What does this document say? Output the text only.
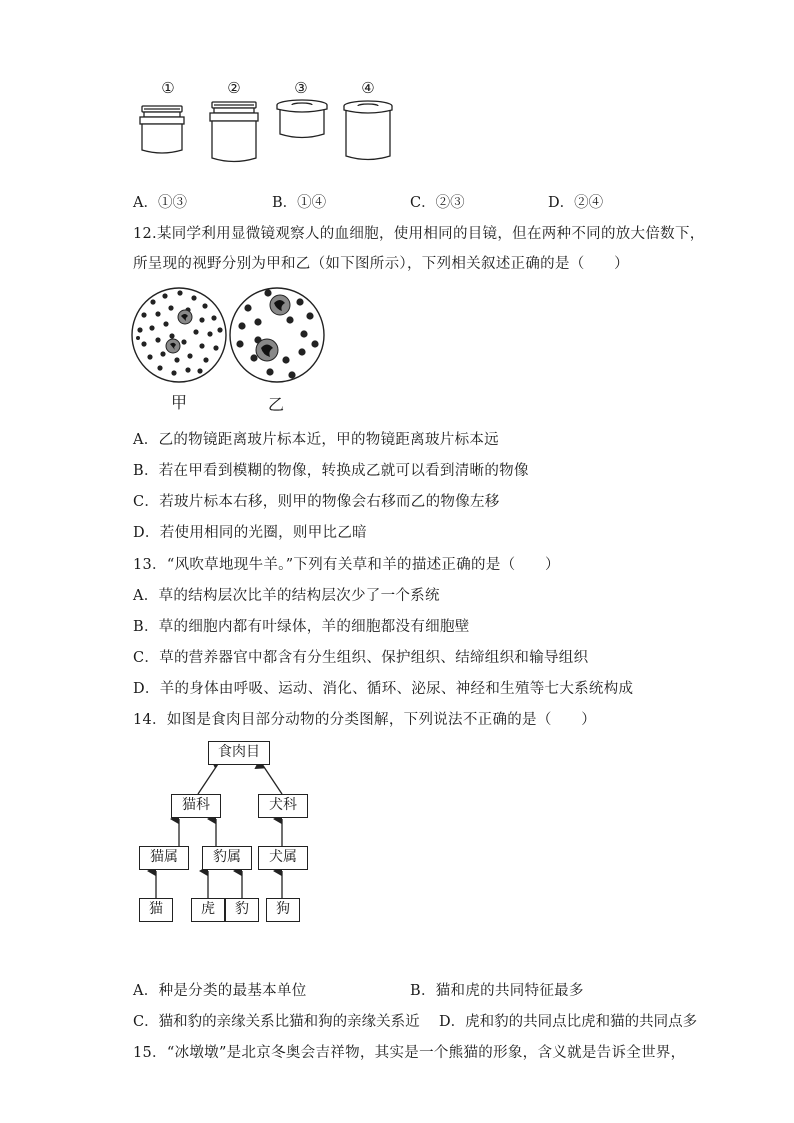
①	②	③	④
A．①③	B．①④	C．②③	D．②④
12.某同学利用显微镜观察人的血细胞，使用相同的目镜，但在两种不同的放大倍数下，
所呈现的视野分别为甲和乙（如下图所示），下列相关叙述正确的是（　　）
甲	乙
A．乙的物镜距离玻片标本近，甲的物镜距离玻片标本远
B．若在甲看到模糊的物像，转换成乙就可以看到清晰的物像
C．若玻片标本右移，则甲的物像会右移而乙的物像左移
D．若使用相同的光圈，则甲比乙暗
13．“风吹草地现牛羊。”下列有关草和羊的描述正确的是（　　）
A．草的结构层次比羊的结构层次少了一个系统
B．草的细胞内都有叶绿体，羊的细胞都没有细胞壁
C．草的营养器官中都含有分生组织、保护组织、结缔组织和输导组织
D．羊的身体由呼吸、运动、消化、循环、泌尿、神经和生殖等七大系统构成
14．如图是食肉目部分动物的分类图解，下列说法不正确的是（　　）
食肉目
猫科	犬科
猫属	豹属	犬属
猫	虎	豹	狗
A．种是分类的最基本单位	B．猫和虎的共同特征最多
C．猫和豹的亲缘关系比猫和狗的亲缘关系近 D．虎和豹的共同点比虎和猫的共同点多
15．“冰墩墩”是北京冬奥会吉祥物，其实是一个熊猫的形象，含义就是告诉全世界，
